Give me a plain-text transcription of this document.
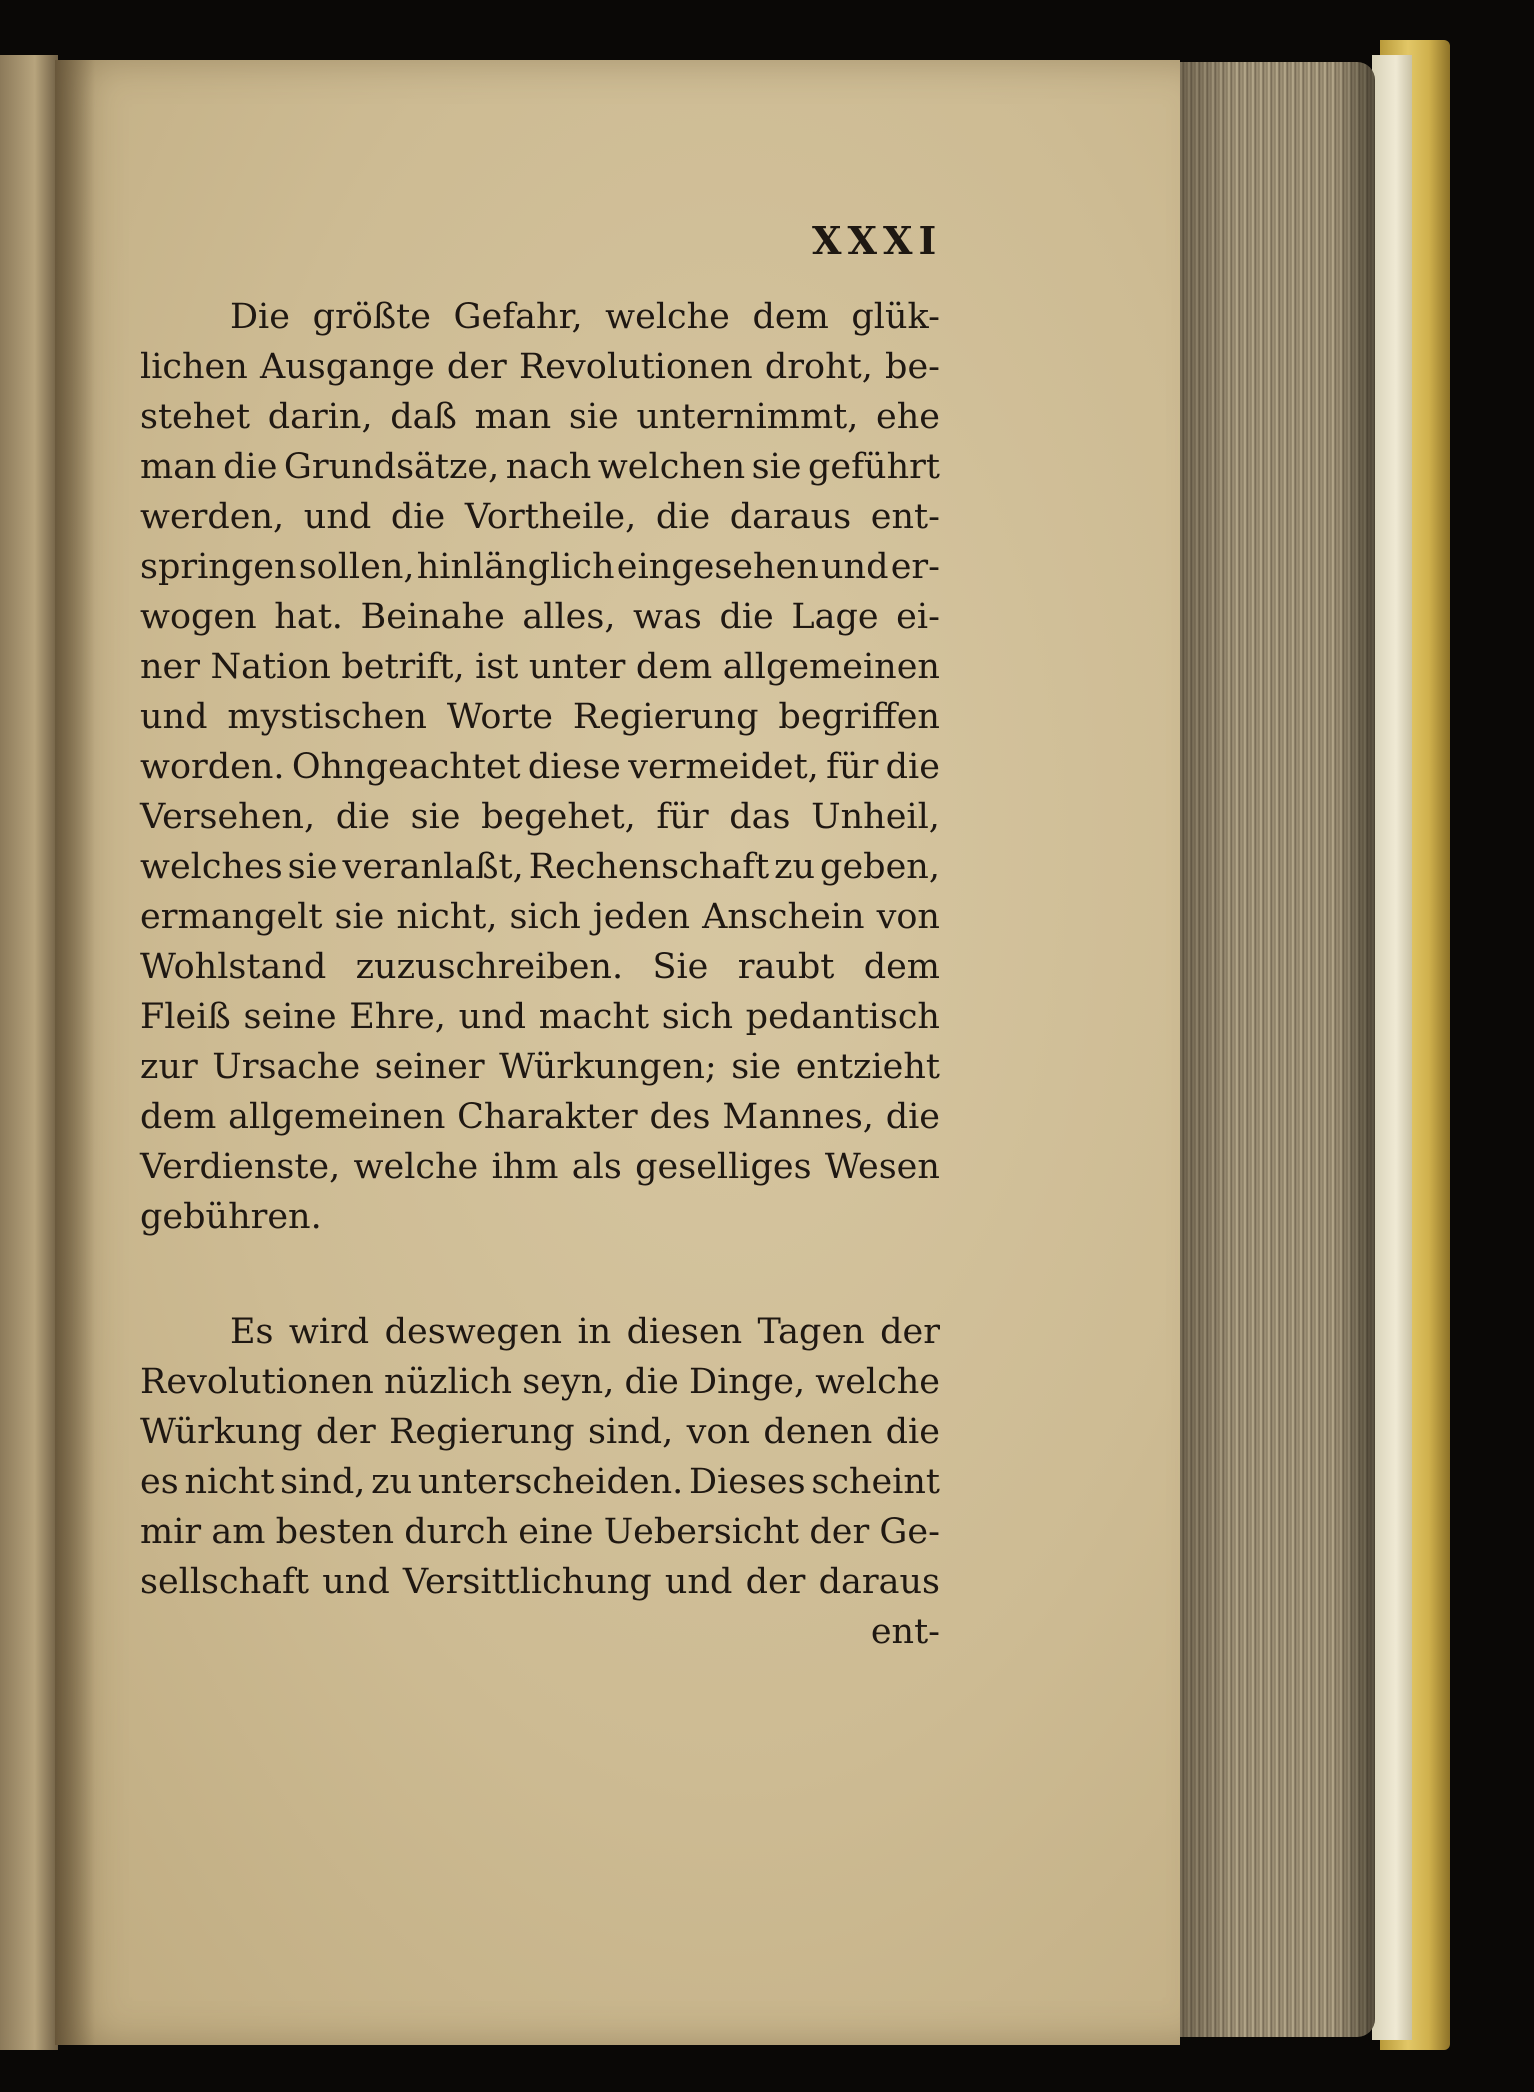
XXXI
Die größte Gefahr, welche dem glük-
lichen Ausgange der Revolutionen droht, be-
stehet darin, daß man sie unternimmt, ehe
man die Grundsätze, nach welchen sie geführt
werden, und die Vortheile, die daraus ent-
springen sollen, hinlänglich eingesehen und er-
wogen hat. Beinahe alles, was die Lage ei-
ner Nation betrift, ist unter dem allgemeinen
und mystischen Worte Regierung begriffen
worden. Ohngeachtet diese vermeidet, für die
Versehen, die sie begehet, für das Unheil,
welches sie veranlaßt, Rechenschaft zu geben,
ermangelt sie nicht, sich jeden Anschein von
Wohlstand zuzuschreiben. Sie raubt dem
Fleiß seine Ehre, und macht sich pedantisch
zur Ursache seiner Würkungen; sie entzieht
dem allgemeinen Charakter des Mannes, die
Verdienste, welche ihm als geselliges Wesen
gebühren.
Es wird deswegen in diesen Tagen der
Revolutionen nüzlich seyn, die Dinge, welche
Würkung der Regierung sind, von denen die
es nicht sind, zu unterscheiden. Dieses scheint
mir am besten durch eine Uebersicht der Ge-
sellschaft und Versittlichung und der daraus
ent-
